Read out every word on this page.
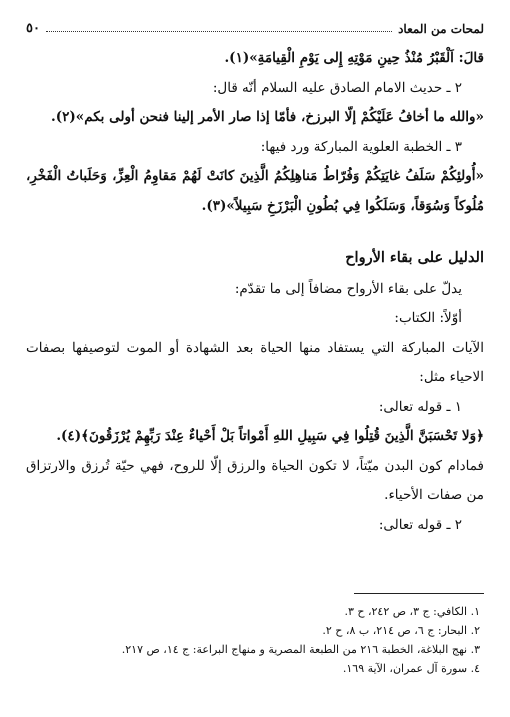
لمحات من المعاد
٥٠
قالَ: اَلْقَبْرُ مُنْذُ حِينِ مَوْتِهِ إِلى يَوْمِ الْقِيامَةِ»(١).
٢ ـ حديث الامام الصادق عليه السلام أنّه قال:
«والله ما أخافُ عَلَيْكُمْ إلّا البرزخ، فأمّا إذا صار الأمر إلينا فنحن أولى بكم»(٢).
٣ ـ الخطبة العلوية المباركة ورد فيها:
«أُولئِكُمْ سَلَفُ غايَتِكُمْ وَفُرّاطُ مَناهِلِكُمُ الَّذِينَ كانَتْ لَهُمْ مَقاوِمُ الْعِزِّ، وَحَلَباتُ الْفَخْرِ،
مُلُوكاً وَسُوَقاً، وَسَلَكُوا فِي بُطُونِ الْبَرْزَخِ سَبِيلاً»(٣).
الدليل على بقاء الأرواح
يدلّ على بقاء الأرواح مضافاً إلى ما تقدّم:
أوّلاً: الكتاب:
الآيات المباركة التي يستفاد منها الحياة بعد الشهادة أو الموت لتوصيفها بصفات
الاحياء مثل:
١ ـ قوله تعالى:
﴿وَلا تَحْسَبَنَّ الَّذِينَ قُتِلُوا فِي سَبِيلِ اللهِ أَمْواتاً بَلْ أَحْياءٌ عِنْدَ رَبِّهِمْ يُرْزَقُونَ﴾(٤).
فمادام كون البدن ميّتاً، لا تكون الحياة والرزق إلّا للروح، فهي حيّة تُرزق والارتزاق
من صفات الأحياء.
٢ ـ قوله تعالى:
١. الكافي: ج ٣، ص ٢٤٢، ح ٣.
٢. البحار: ج ٦، ص ٢١٤، ب ٨، ح ٢.
٣. نهج البلاغة، الخطبة ٢١٦ من الطبعة المصرية و منهاج البراعة: ج ١٤، ص ٢١٧.
٤. سورة آل عمران، الآية ١٦٩.
